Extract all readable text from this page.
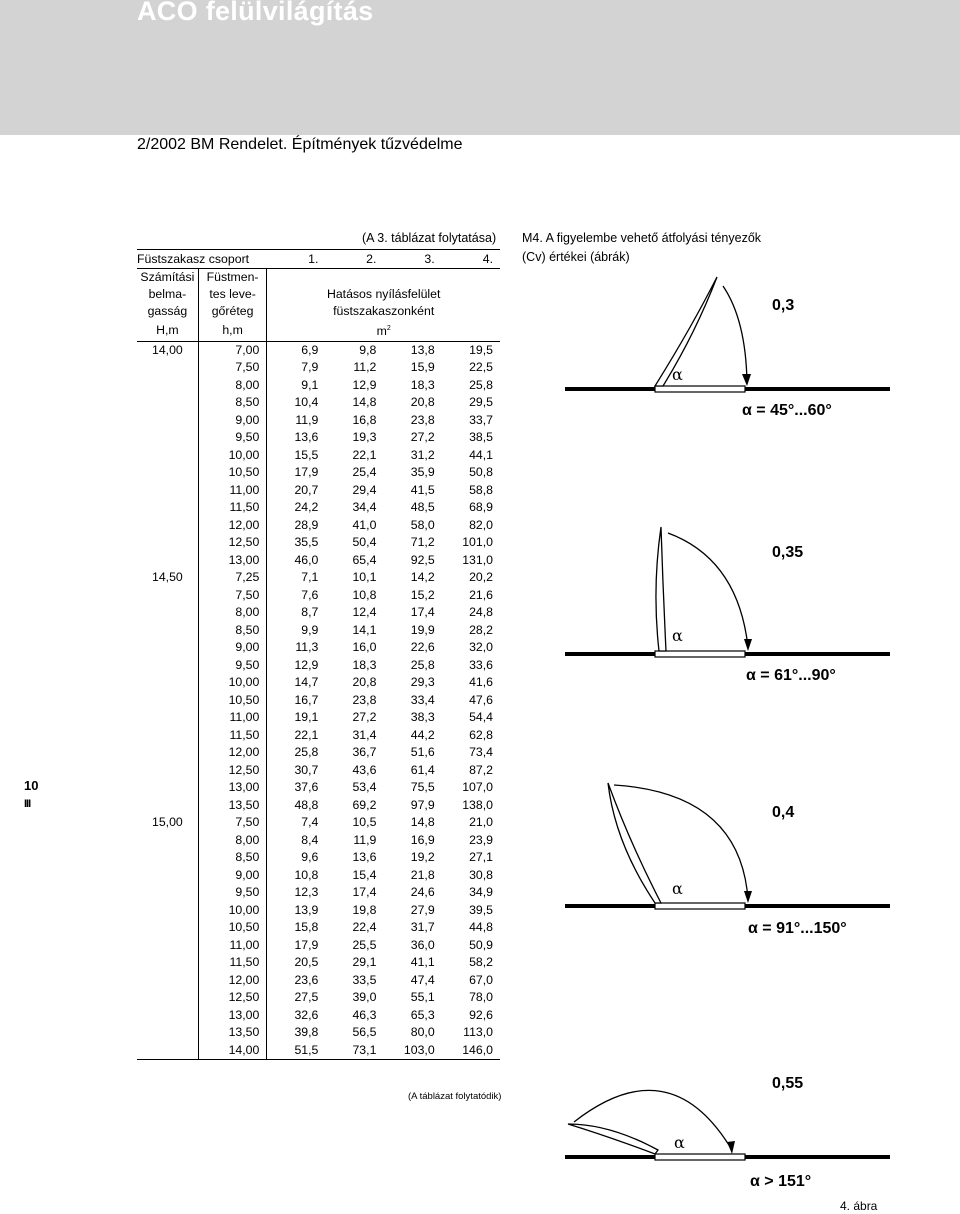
ACO felülvilágítás
2/2002 BM Rendelet. Építmények tűzvédelme
(A 3. táblázat folytatása)
Füstszakasz csoport		1.	2.	3.	4.
Számítási	Füstmen-				
belma-	tes leve-	Hatásos nyílásfelület			
gasság	gőréteg	füstszakaszonként			
H,m	h,m	$m^2$
14,00	7,00	6,9	9,8	13,8	19,5
	7,50	7,9	11,2	15,9	22,5
	8,00	9,1	12,9	18,3	25,8
	8,50	10,4	14,8	20,8	29,5
	9,00	11,9	16,8	23,8	33,7
	9,50	13,6	19,3	27,2	38,5
	10,00	15,5	22,1	31,2	44,1
	10,50	17,9	25,4	35,9	50,8
	11,00	20,7	29,4	41,5	58,8
	11,50	24,2	34,4	48,5	68,9
	12,00	28,9	41,0	58,0	82,0
	12,50	35,5	50,4	71,2	101,0
	13,00	46,0	65,4	92,5	131,0
14,50	7,25	7,1	10,1	14,2	20,2
	7,50	7,6	10,8	15,2	21,6
	8,00	8,7	12,4	17,4	24,8
	8,50	9,9	14,1	19,9	28,2
	9,00	11,3	16,0	22,6	32,0
	9,50	12,9	18,3	25,8	33,6
	10,00	14,7	20,8	29,3	41,6
	10,50	16,7	23,8	33,4	47,6
	11,00	19,1	27,2	38,3	54,4
	11,50	22,1	31,4	44,2	62,8
	12,00	25,8	36,7	51,6	73,4
	12,50	30,7	43,6	61,4	87,2
	13,00	37,6	53,4	75,5	107,0
	13,50	48,8	69,2	97,9	138,0
15,00	7,50	7,4	10,5	14,8	21,0
	8,00	8,4	11,9	16,9	23,9
	8,50	9,6	13,6	19,2	27,1
	9,00	10,8	15,4	21,8	30,8
	9,50	12,3	17,4	24,6	34,9
	10,00	13,9	19,8	27,9	39,5
	10,50	15,8	22,4	31,7	44,8
	11,00	17,9	25,5	36,0	50,9
	11,50	20,5	29,1	41,1	58,2
	12,00	23,6	33,5	47,4	67,0
	12,50	27,5	39,0	55,1	78,0
	13,00	32,6	46,3	65,3	92,6
	13,50	39,8	56,5	80,0	113,0
	14,00	51,5	73,1	103,0	146,0
(A táblázat folytatódik)
10
III
M4. A figyelembe vehető átfolyási tényezők
(Cv) értékei (ábrák)
α
0,3
α = 45°...60°
α
0,35
α = 61°...90°
α
0,4
α = 91°...150°
α
0,55
α > 151°
4. ábra
